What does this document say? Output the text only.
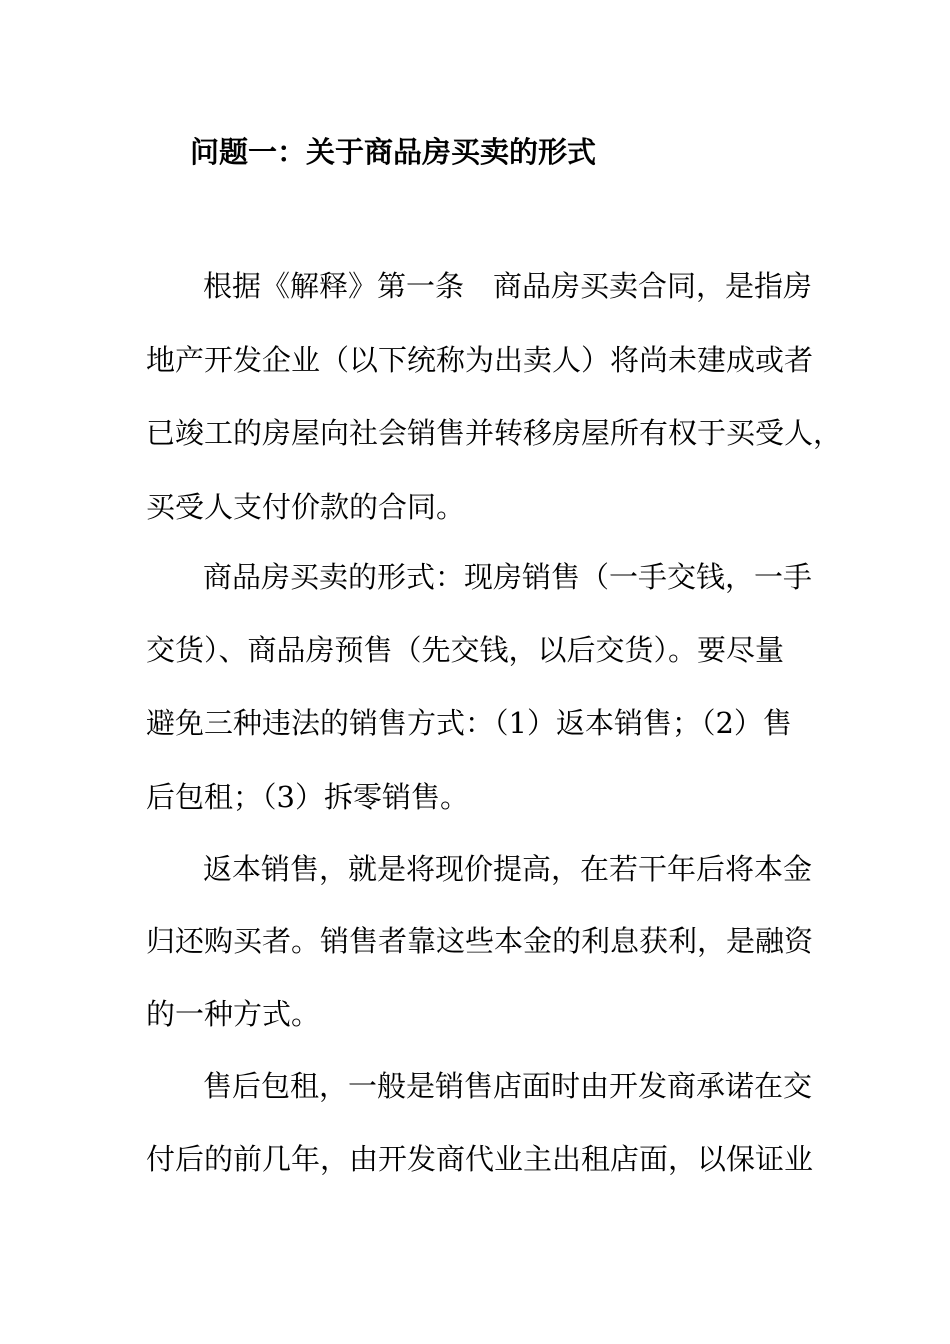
问题一：关于商品房买卖的形式
根据《解释》第一条　商品房买卖合同，是指房
地产开发企业（以下统称为出卖人）将尚未建成或者
已竣工的房屋向社会销售并转移房屋所有权于买受人，
买受人支付价款的合同。
商品房买卖的形式：现房销售（一手交钱，一手
交货）、商品房预售（先交钱，以后交货）。要尽量
避免三种违法的销售方式：（1）返本销售；（2）售
后包租；（3）拆零销售。
返本销售，就是将现价提高，在若干年后将本金
归还购买者。销售者靠这些本金的利息获利，是融资
的一种方式。
售后包租，一般是销售店面时由开发商承诺在交
付后的前几年，由开发商代业主出租店面，以保证业
